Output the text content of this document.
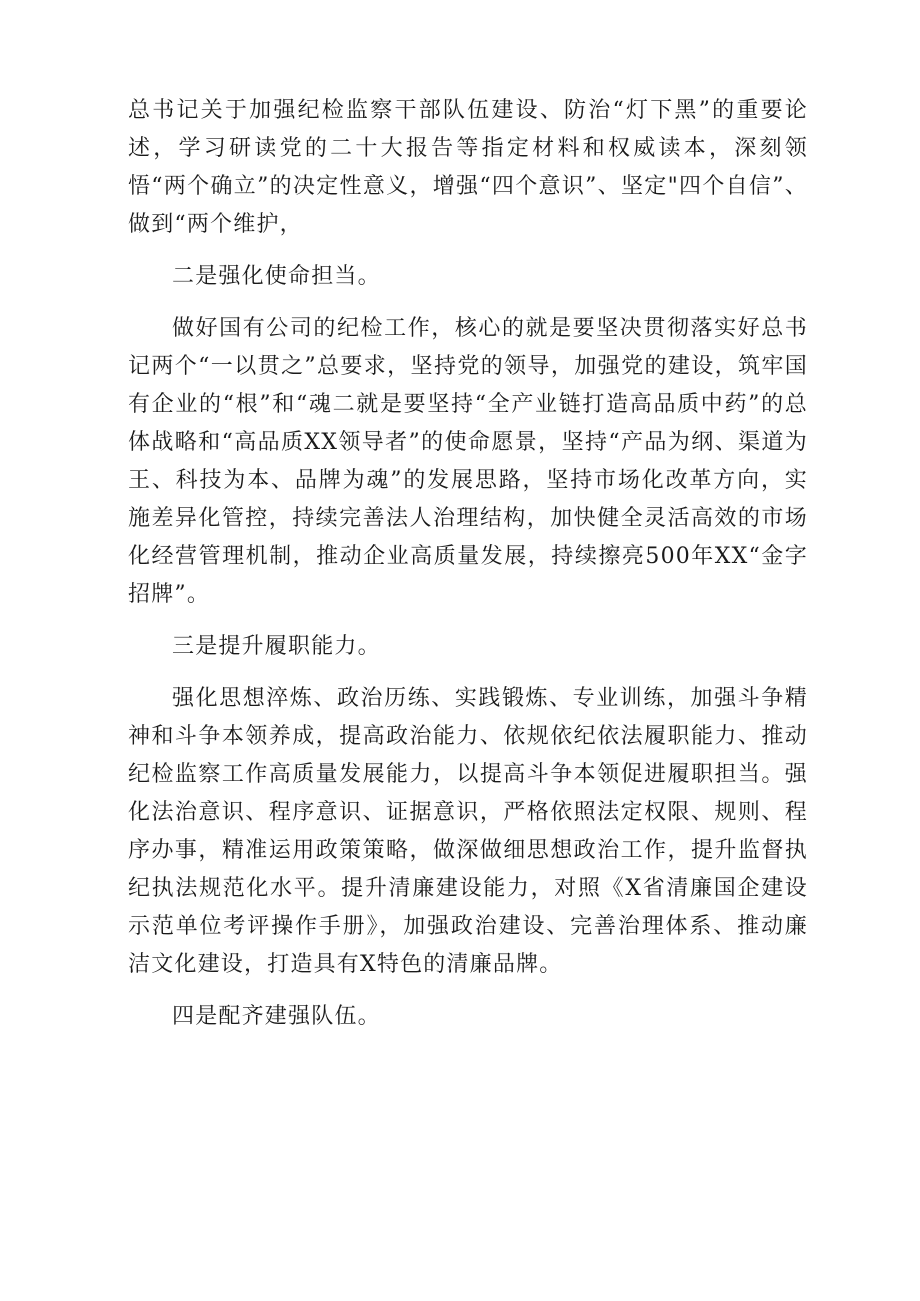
总书记关于加强纪检监察干部队伍建设、防治“灯下黑”的重要论述，学习研读党的二十大报告等指定材料和权威读本，深刻领悟“两个确立”的决定性意义，增强“四个意识”、坚定"四个自信”、做到“两个维护，

二是强化使命担当。

做好国有公司的纪检工作，核心的就是要坚决贯彻落实好总书记两个“一以贯之”总要求，坚持党的领导，加强党的建设，筑牢国有企业的“根”和“魂二就是要坚持“全产业链打造高品质中药”的总体战略和“高品质XX领导者”的使命愿景，坚持“产品为纲、渠道为王、科技为本、品牌为魂”的发展思路，坚持市场化改革方向，实施差异化管控，持续完善法人治理结构，加快健全灵活高效的市场化经营管理机制，推动企业高质量发展，持续擦亮500年XX“金字招牌”。

三是提升履职能力。

强化思想淬炼、政治历练、实践锻炼、专业训练，加强斗争精神和斗争本领养成，提高政治能力、依规依纪依法履职能力、推动纪检监察工作高质量发展能力，以提高斗争本领促进履职担当。强化法治意识、程序意识、证据意识，严格依照法定权限、规则、程序办事，精准运用政策策略，做深做细思想政治工作，提升监督执纪执法规范化水平。提升清廉建设能力，对照《X省清廉国企建设示范单位考评操作手册》，加强政治建设、完善治理体系、推动廉洁文化建设，打造具有X特色的清廉品牌。

四是配齐建强队伍。
